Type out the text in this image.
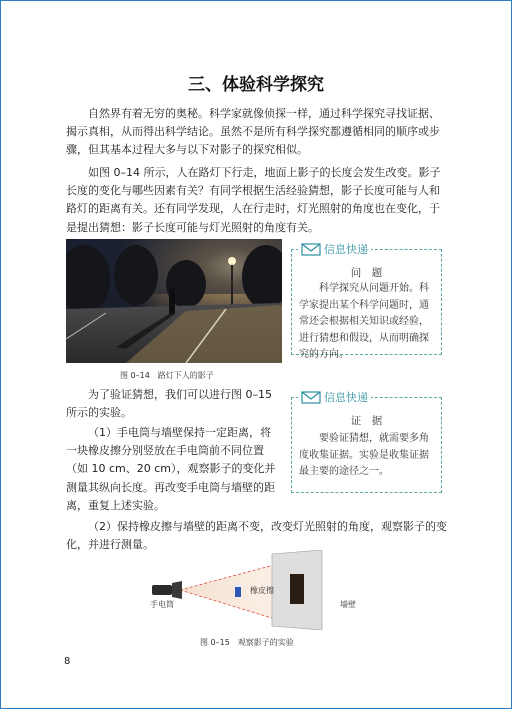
三、体验科学探究

自然界有着无穷的奥秘。科学家就像侦探一样，通过科学探究寻找证据、揭示真相，从而得出科学结论。虽然不是所有科学探究都遵循相同的顺序或步骤，但其基本过程大多与以下对影子的探究相似。

如图 0–14 所示，人在路灯下行走，地面上影子的长度会发生改变。影子长度的变化与哪些因素有关？有同学根据生活经验猜想，影子长度可能与人和路灯的距离有关。还有同学发现，人在行走时，灯光照射的角度也在变化，于是提出猜想：影子长度可能与灯光照射的角度有关。

图 0–14　路灯下人的影子
信息快递
问　题
科学探究从问题开始。科学家提出某个科学问题时，通常还会根据相关知识或经验，进行猜想和假设，从而明确探究的方向。
信息快递
证　据
要验证猜想，就需要多角度收集证据。实验是收集证据最主要的途径之一。

为了验证猜想，我们可以进行图 0–15 所示的实验。

（1）手电筒与墙壁保持一定距离，将一块橡皮擦分别竖放在手电筒前不同位置（如 10 cm、20 cm），观察影子的变化并测量其纵向长度。再改变手电筒与墙壁的距离，重复上述实验。

（2）保持橡皮擦与墙壁的距离不变，改变灯光照射的角度，观察影子的变化，并进行测量。

手电筒
橡皮擦
墙壁
图 0–15　观察影子的实验
8
